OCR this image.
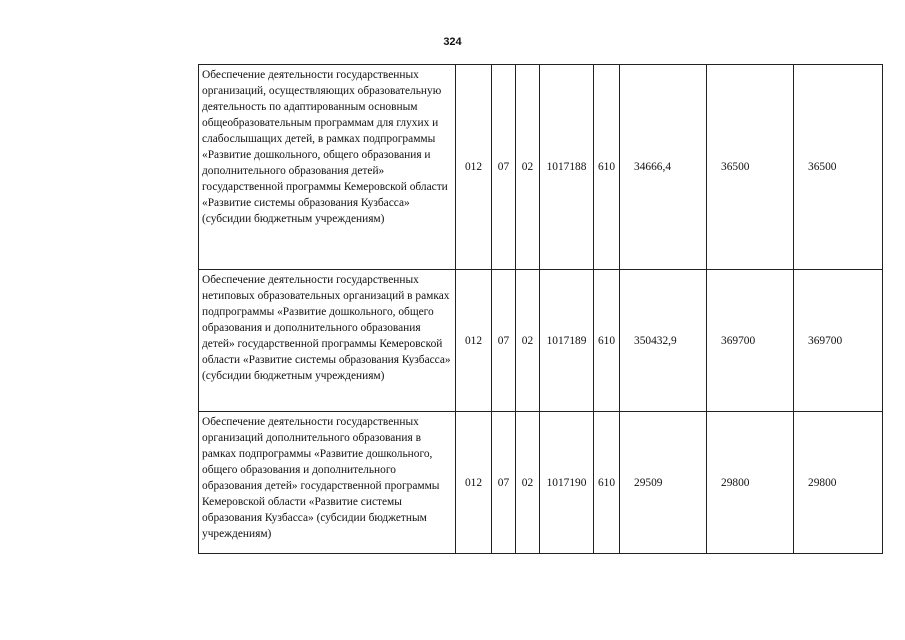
324
Обеспечение деятельности государственных организаций, осуществляющих образовательную деятельность по адаптированным основным общеобразовательным программам для глухих и слабослышащих детей, в рамках подпрограммы «Развитие дошкольного, общего образования и дополнительного образования детей» государственной программы Кемеровской области «Развитие системы образования Кузбасса» (субсидии бюджетным учреждениям)	012	07	02	1017188	610	34666,4	36500	36500
Обеспечение деятельности государственных нетиповых образовательных организаций в рамках подпрограммы «Развитие дошкольного, общего образования и дополнительного образования детей» государственной программы Кемеровской области «Развитие системы образования Кузбасса» (субсидии бюджетным учреждениям)	012	07	02	1017189	610	350432,9	369700	369700
Обеспечение деятельности государственных организаций дополнительного образования в рамках подпрограммы «Развитие дошкольного, общего образования и дополнительного образования детей» государственной программы Кемеровской области «Развитие системы образования Кузбасса» (субсидии бюджетным учреждениям)	012	07	02	1017190	610	29509	29800	29800
